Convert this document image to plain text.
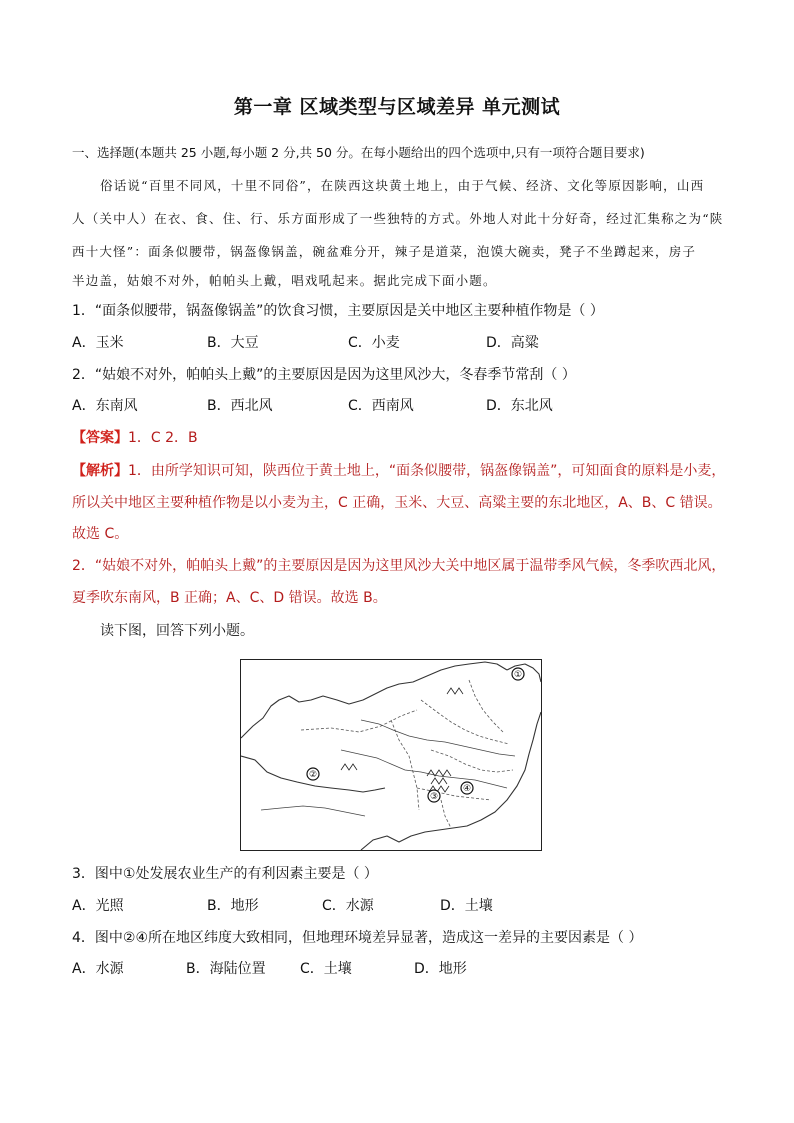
第一章 区域类型与区域差异 单元测试
一、选择题(本题共 25 小题,每小题 2 分,共 50 分。在每小题给出的四个选项中,只有一项符合题目要求)
俗话说“百里不同风，十里不同俗”，在陕西这块黄土地上，由于气候、经济、文化等原因影响，山西
人（关中人）在衣、食、住、行、乐方面形成了一些独特的方式。外地人对此十分好奇，经过汇集称之为“陕
西十大怪”：面条似腰带，锅盔像锅盖，碗盆难分开，辣子是道菜，泡馍大碗卖，凳子不坐蹲起来，房子
半边盖，姑娘不对外，帕帕头上戴，唱戏吼起来。据此完成下面小题。
1．“面条似腰带，锅盔像锅盖”的饮食习惯，主要原因是关中地区主要种植作物是（ ）
A．玉米	B．大豆	C．小麦	D．高粱
2．“姑娘不对外，帕帕头上戴”的主要原因是因为这里风沙大，冬春季节常刮（ ）
A．东南风	B．西北风	C．西南风	D．东北风
【答案】1．C 2．B
【解析】1．由所学知识可知，陕西位于黄土地上，“面条似腰带，锅盔像锅盖”，可知面食的原料是小麦，
所以关中地区主要种植作物是以小麦为主，C 正确，玉米、大豆、高粱主要的东北地区，A、B、C 错误。
故选 C。
2．“姑娘不对外，帕帕头上戴”的主要原因是因为这里风沙大关中地区属于温带季风气候，冬季吹西北风，
夏季吹东南风，B 正确；A、C、D 错误。故选 B。
读下图，回答下列小题。
①
②
③
④
3．图中①处发展农业生产的有利因素主要是（ ）
A．光照	B．地形	C．水源	D．土壤
4．图中②④所在地区纬度大致相同，但地理环境差异显著，造成这一差异的主要因素是（ ）
A．水源	B．海陆位置 C．土壤	D．地形
